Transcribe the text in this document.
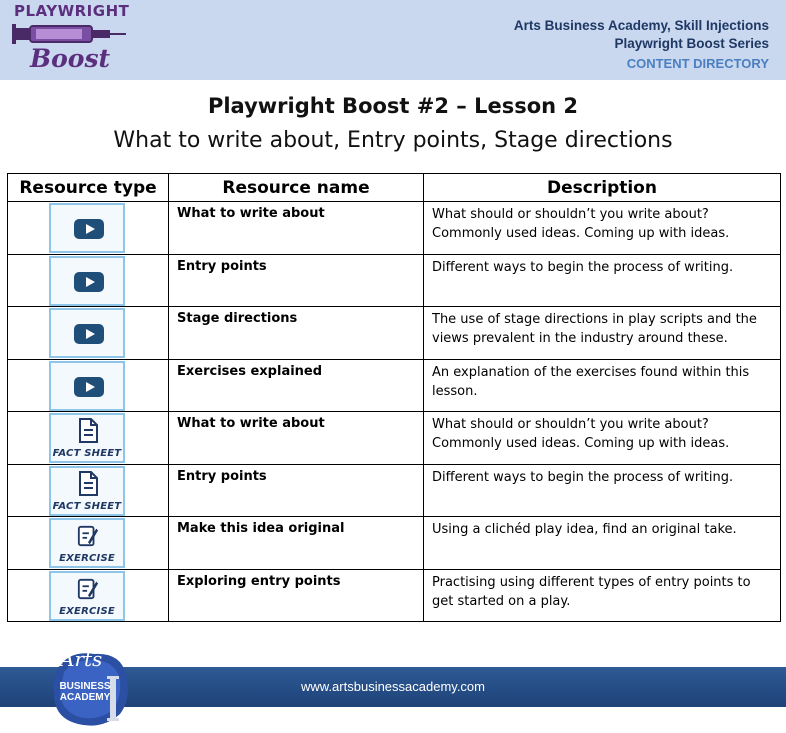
PLAYWRIGHT
Boost
Arts Business Academy, Skill Injections
Playwright Boost Series
CONTENT DIRECTORY
Playwright Boost #2 – Lesson 2
What to write about, Entry points, Stage directions
Resource type	Resource name	Description

	What to write about	What should or shouldn’t you write about? Commonly used ideas. Coming up with ideas.

	Entry points	Different ways to begin the process of writing.

	Stage directions	The use of stage directions in play scripts and the views prevalent in the industry around these.

	Exercises explained	An explanation of the exercises found within this lesson.

FACT SHEET	What to write about	What should or shouldn’t you write about? Commonly used ideas. Coming up with ideas.

FACT SHEET	Entry points	Different ways to begin the process of writing.

EXERCISE	Make this idea original	Using a clichéd play idea, find an original take.

EXERCISE	Exploring entry points	Practising using different types of entry points to get started on a play.
www.artsbusinessacademy.com
Arts
BUSINESS
ACADEMY
